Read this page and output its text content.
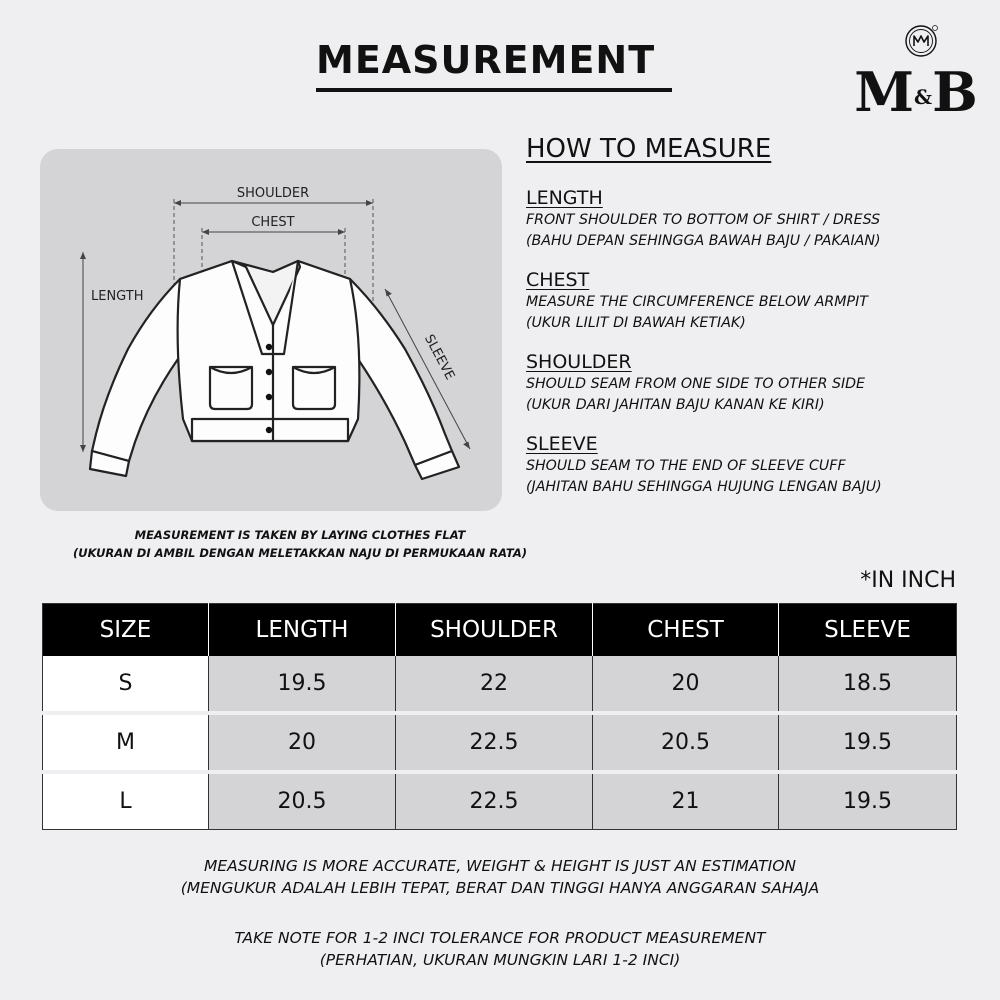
MEASUREMENT	M&B
SHOULDER
CHEST
LENGTH
SLEEVE
MEASUREMENT IS TAKEN BY LAYING CLOTHES FLAT
(UKURAN DI AMBIL DENGAN MELETAKKAN NAJU DI PERMUKAAN RATA)
HOW TO MEASURE
LENGTH
FRONT SHOULDER TO BOTTOM OF SHIRT / DRESS
(BAHU DEPAN SEHINGGA BAWAH BAJU / PAKAIAN)
CHEST
MEASURE THE CIRCUMFERENCE BELOW ARMPIT
(UKUR LILIT DI BAWAH KETIAK)
SHOULDER
SHOULD SEAM FROM ONE SIDE TO OTHER SIDE
(UKUR DARI JAHITAN BAJU KANAN KE KIRI)
SLEEVE
SHOULD SEAM TO THE END OF SLEEVE CUFF
(JAHITAN BAHU SEHINGGA HUJUNG LENGAN BAJU)
*IN INCH
SIZE	LENGTH	SHOULDER	CHEST	SLEEVE
S	19.5	22	20	18.5
M	20	22.5	20.5	19.5
L	20.5	22.5	21	19.5
MEASURING IS MORE ACCURATE, WEIGHT & HEIGHT IS JUST AN ESTIMATION
(MENGUKUR ADALAH LEBIH TEPAT, BERAT DAN TINGGI HANYA ANGGARAN SAHAJA
TAKE NOTE FOR 1-2 INCI TOLERANCE FOR PRODUCT MEASUREMENT
(PERHATIAN, UKURAN MUNGKIN LARI 1-2 INCI)
